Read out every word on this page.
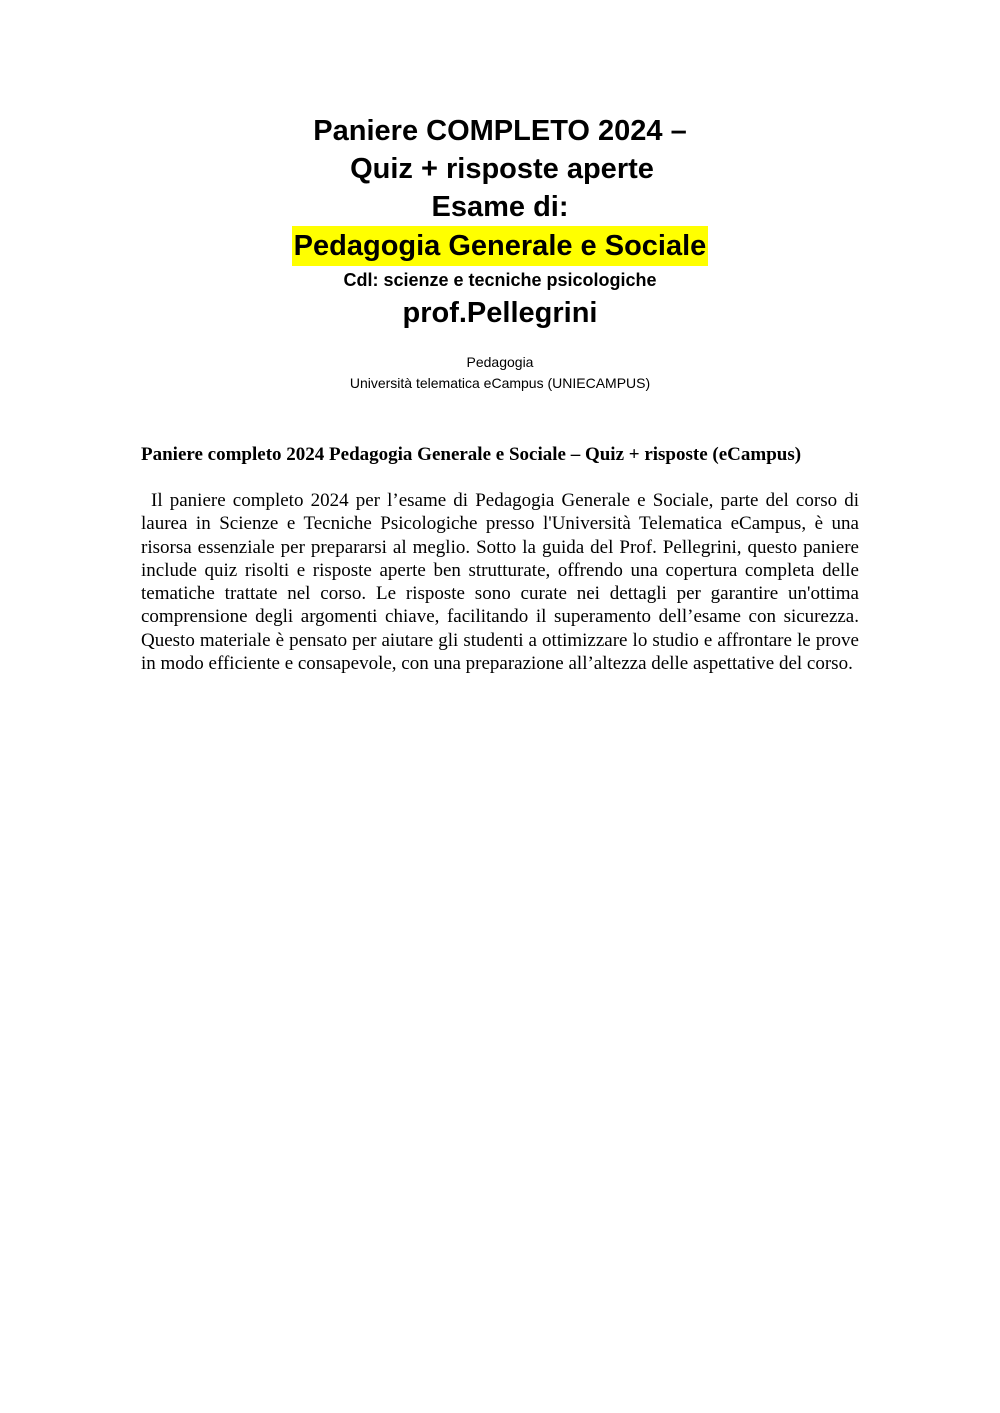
Paniere COMPLETO 2024 –
Quiz + risposte aperte
Esame di:
Pedagogia Generale e Sociale
Cdl: scienze e tecniche psicologiche
prof.Pellegrini
Pedagogia
Università telematica eCampus (UNIECAMPUS)
Paniere completo 2024 Pedagogia Generale e Sociale – Quiz + risposte (eCampus)

Il paniere completo 2024 per l’esame di Pedagogia Generale e Sociale, parte del corso di laurea in Scienze e Tecniche Psicologiche presso l'Università Telematica eCampus, è una risorsa essenziale per prepararsi al meglio. Sotto la guida del Prof. Pellegrini, questo paniere include quiz risolti e risposte aperte ben strutturate, offrendo una copertura completa delle tematiche trattate nel corso. Le risposte sono curate nei dettagli per garantire un'ottima comprensione degli argomenti chiave, facilitando il superamento dell’esame con sicurezza. Questo materiale è pensato per aiutare gli studenti a ottimizzare lo studio e affrontare le prove in modo efficiente e consapevole, con una preparazione all’altezza delle aspettative del corso.
